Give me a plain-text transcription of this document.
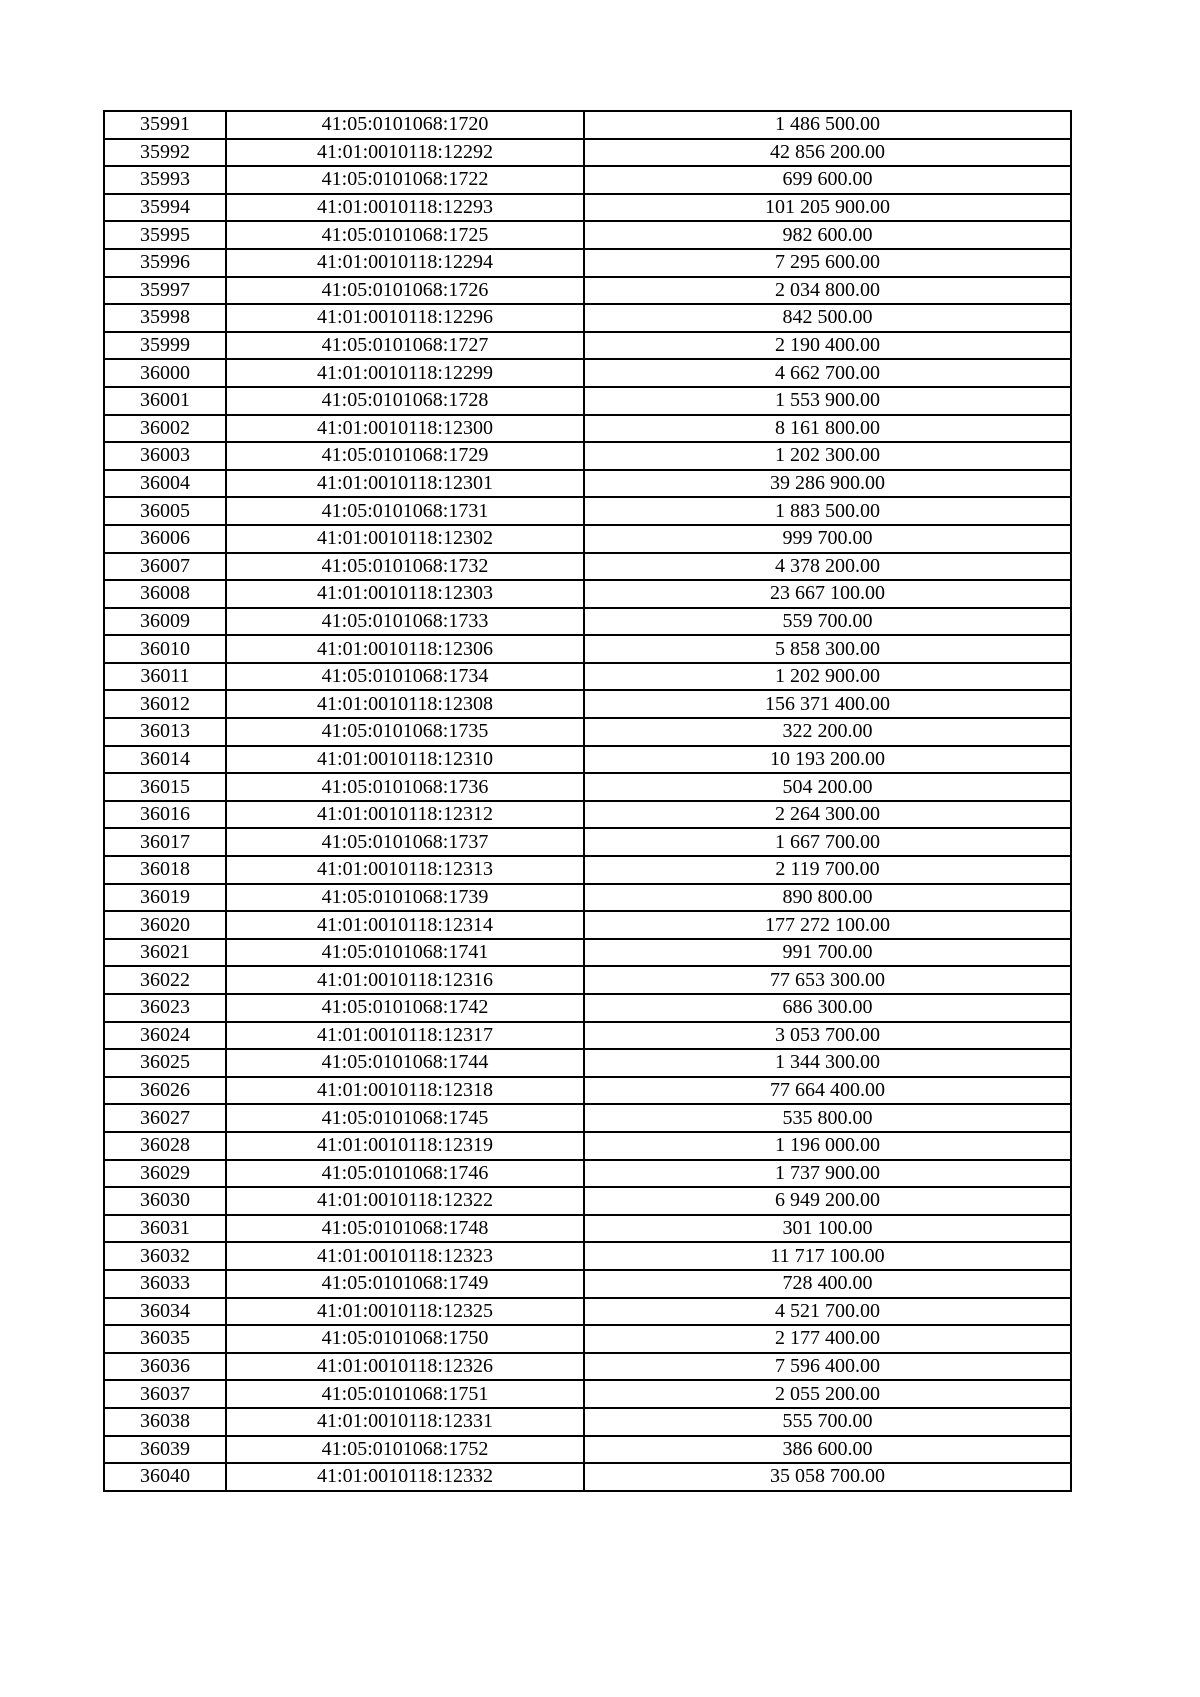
35991	41:05:0101068:1720	1 486 500.00
35992	41:01:0010118:12292	42 856 200.00
35993	41:05:0101068:1722	699 600.00
35994	41:01:0010118:12293	101 205 900.00
35995	41:05:0101068:1725	982 600.00
35996	41:01:0010118:12294	7 295 600.00
35997	41:05:0101068:1726	2 034 800.00
35998	41:01:0010118:12296	842 500.00
35999	41:05:0101068:1727	2 190 400.00
36000	41:01:0010118:12299	4 662 700.00
36001	41:05:0101068:1728	1 553 900.00
36002	41:01:0010118:12300	8 161 800.00
36003	41:05:0101068:1729	1 202 300.00
36004	41:01:0010118:12301	39 286 900.00
36005	41:05:0101068:1731	1 883 500.00
36006	41:01:0010118:12302	999 700.00
36007	41:05:0101068:1732	4 378 200.00
36008	41:01:0010118:12303	23 667 100.00
36009	41:05:0101068:1733	559 700.00
36010	41:01:0010118:12306	5 858 300.00
36011	41:05:0101068:1734	1 202 900.00
36012	41:01:0010118:12308	156 371 400.00
36013	41:05:0101068:1735	322 200.00
36014	41:01:0010118:12310	10 193 200.00
36015	41:05:0101068:1736	504 200.00
36016	41:01:0010118:12312	2 264 300.00
36017	41:05:0101068:1737	1 667 700.00
36018	41:01:0010118:12313	2 119 700.00
36019	41:05:0101068:1739	890 800.00
36020	41:01:0010118:12314	177 272 100.00
36021	41:05:0101068:1741	991 700.00
36022	41:01:0010118:12316	77 653 300.00
36023	41:05:0101068:1742	686 300.00
36024	41:01:0010118:12317	3 053 700.00
36025	41:05:0101068:1744	1 344 300.00
36026	41:01:0010118:12318	77 664 400.00
36027	41:05:0101068:1745	535 800.00
36028	41:01:0010118:12319	1 196 000.00
36029	41:05:0101068:1746	1 737 900.00
36030	41:01:0010118:12322	6 949 200.00
36031	41:05:0101068:1748	301 100.00
36032	41:01:0010118:12323	11 717 100.00
36033	41:05:0101068:1749	728 400.00
36034	41:01:0010118:12325	4 521 700.00
36035	41:05:0101068:1750	2 177 400.00
36036	41:01:0010118:12326	7 596 400.00
36037	41:05:0101068:1751	2 055 200.00
36038	41:01:0010118:12331	555 700.00
36039	41:05:0101068:1752	386 600.00
36040	41:01:0010118:12332	35 058 700.00
